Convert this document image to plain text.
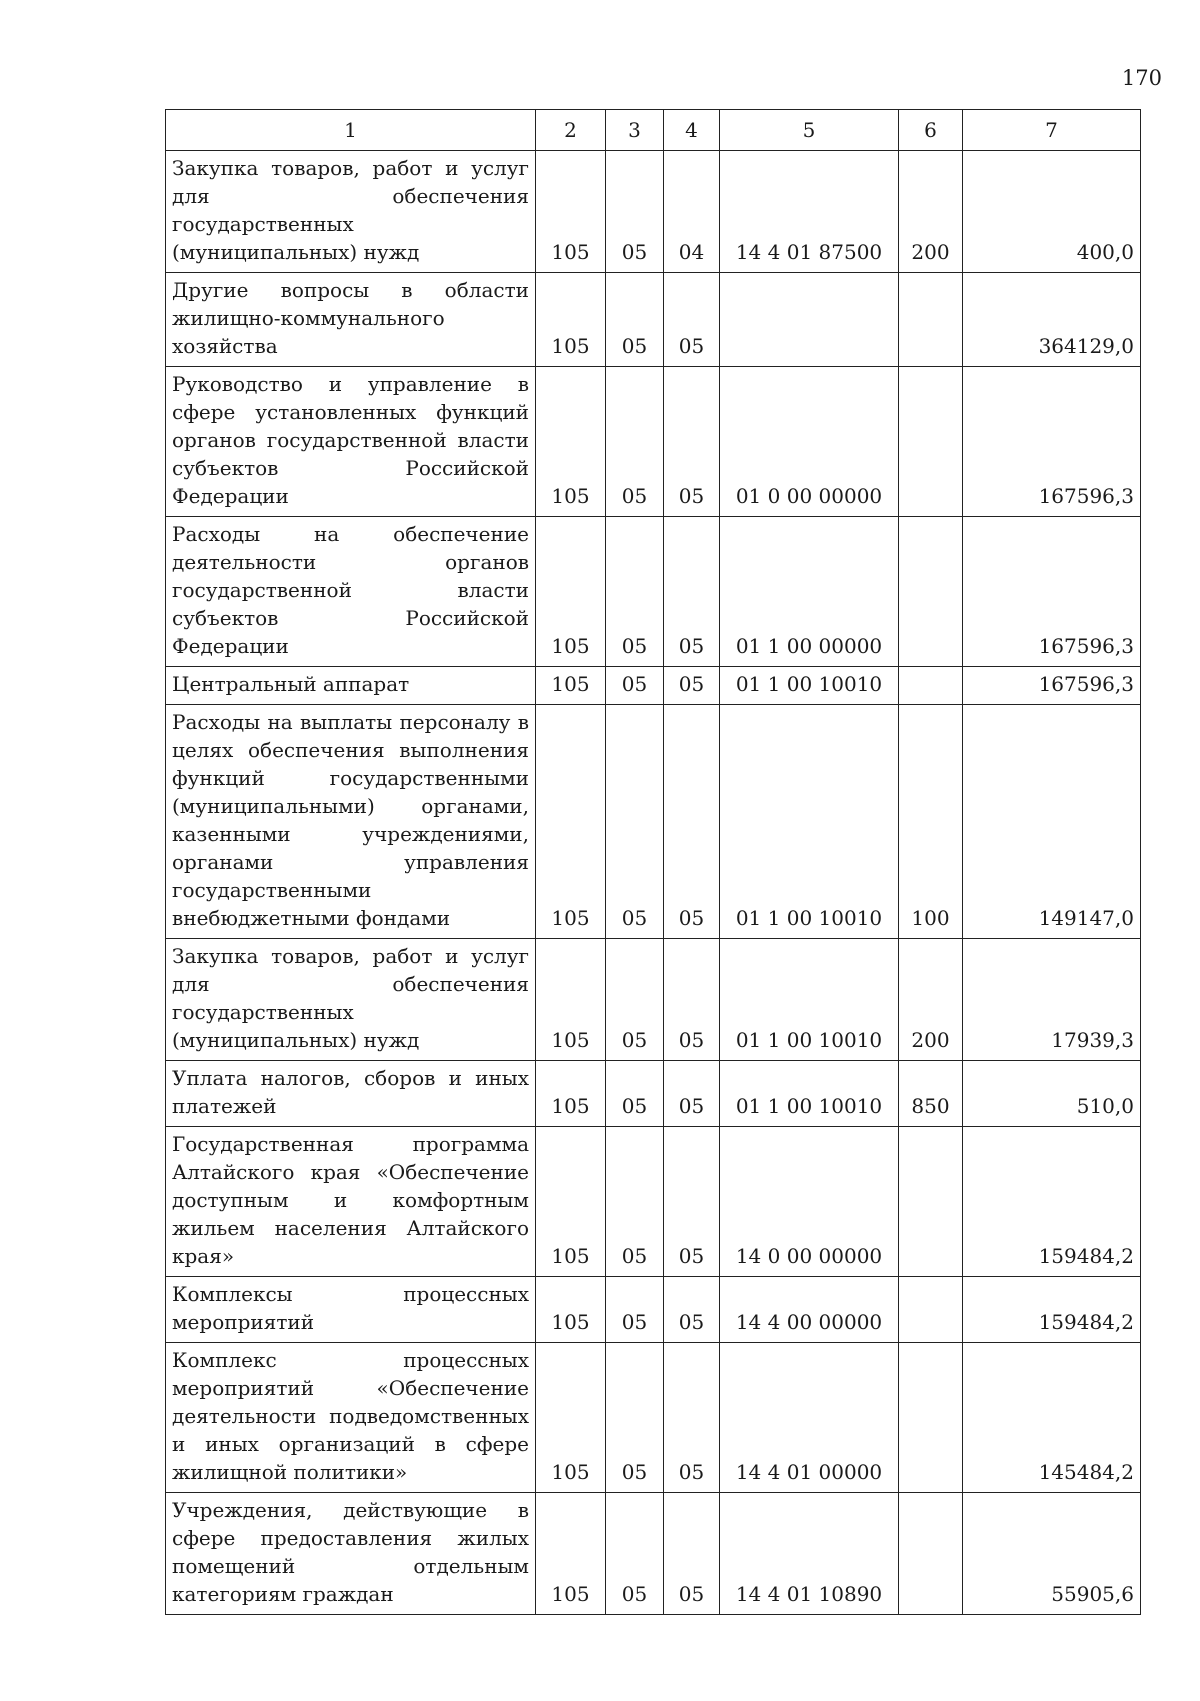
170
1	2	3	4	5	6	7
Закупка товаров, работ и услуг для обеспечения государственных (муниципальных) нужд	105	05	04	14 4 01 87500	200	400,0
Другие вопросы в области жилищно-коммунального хозяйства	105	05	05			364129,0
Руководство и управление в сфере установленных функций органов государственной власти субъектов Российской Федерации	105	05	05	01 0 00 00000		167596,3
Расходы на обеспечение деятельности органов государственной власти субъектов Российской Федерации	105	05	05	01 1 00 00000		167596,3
Центральный аппарат	105	05	05	01 1 00 10010		167596,3
Расходы на выплаты персоналу в целях обеспечения выполнения функций государственными (муниципальными) органами, казенными учреждениями, органами управления государственными внебюджетными фондами	105	05	05	01 1 00 10010	100	149147,0
Закупка товаров, работ и услуг для обеспечения государственных (муниципальных) нужд	105	05	05	01 1 00 10010	200	17939,3
Уплата налогов, сборов и иных платежей	105	05	05	01 1 00 10010	850	510,0
Государственная программа Алтайского края «Обеспечение доступным и комфортным жильем населения Алтайского края»	105	05	05	14 0 00 00000		159484,2
Комплексы процессных мероприятий	105	05	05	14 4 00 00000		159484,2
Комплекс процессных мероприятий «Обеспечение деятельности подведомственных и иных организаций в сфере жилищной политики»	105	05	05	14 4 01 00000		145484,2
Учреждения, действующие в сфере предоставления жилых помещений отдельным категориям граждан	105	05	05	14 4 01 10890		55905,6
